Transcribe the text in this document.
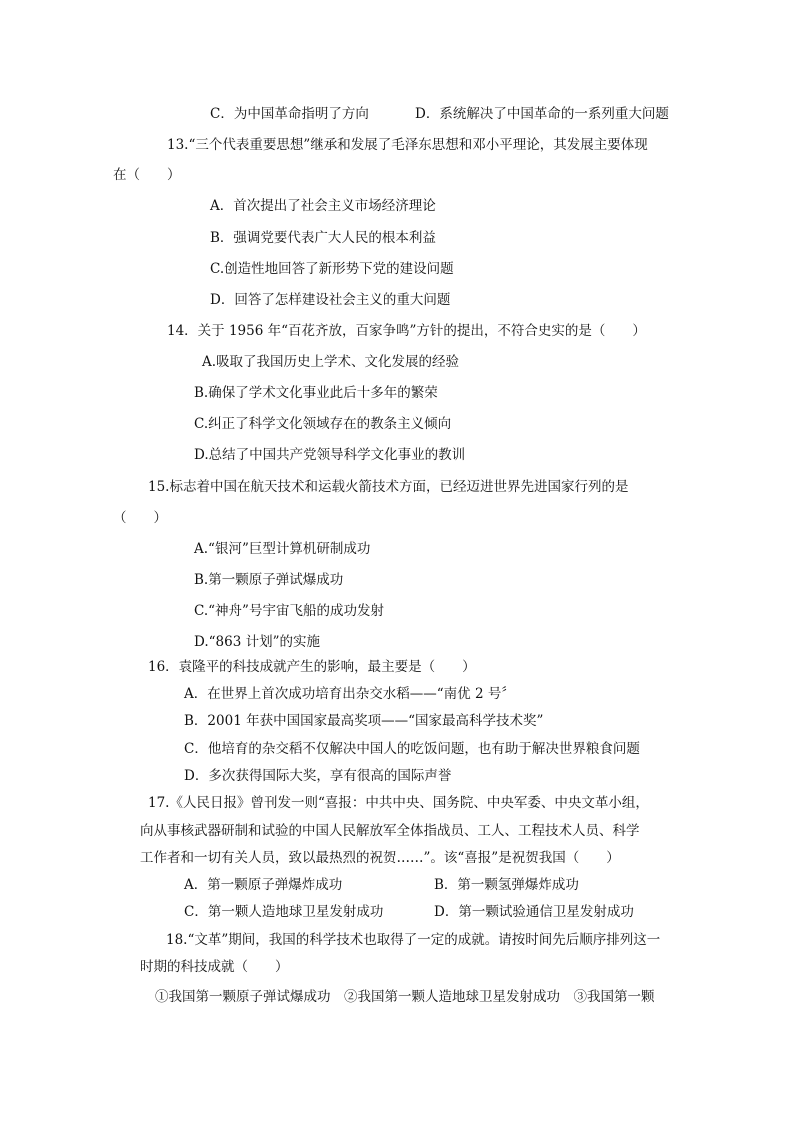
C．为中国革命指明了方向	D．系统解决了中国革命的一系列重大问题
13.“三个代表重要思想”继承和发展了毛泽东思想和邓小平理论，其发展主要体现
在（　　）
A．首次提出了社会主义市场经济理论
B．强调党要代表广大人民的根本利益
C.创造性地回答了新形势下党的建设问题
D．回答了怎样建设社会主义的重大问题
14．关于 1956 年“百花齐放，百家争鸣”方针的提出，不符合史实的是（　　）
A.吸取了我国历史上学术、文化发展的经验
B.确保了学术文化事业此后十多年的繁荣
C.纠正了科学文化领域存在的教条主义倾向
D.总结了中国共产党领导科学文化事业的教训
15.标志着中国在航天技术和运载火箭技术方面，已经迈进世界先进国家行列的是
（　　）
A.“银河”巨型计算机研制成功
B.第一颗原子弹试爆成功
C.“神舟”号宇宙飞船的成功发射
D.“863 计划”的实施
16．袁隆平的科技成就产生的影响，最主要是（　　）
A．在世界上首次成功培育出杂交水稻——“南优 2 号〞
B．2001 年获中国国家最高奖项——“国家最高科学技术奖”
C．他培育的杂交稻不仅解决中国人的吃饭问题，也有助于解决世界粮食问题
D．多次获得国际大奖，享有很高的国际声誉
17.《人民日报》曾刊发一则“喜报：中共中央、国务院、中央军委、中央文革小组，
向从事核武器研制和试验的中国人民解放军全体指战员、工人、工程技术人员、科学
工作者和一切有关人员，致以最热烈的祝贺……”。该“喜报”是祝贺我国（　　）
A．第一颗原子弹爆炸成功	B．第一颗氢弹爆炸成功
C．第一颗人造地球卫星发射成功	D．第一颗试验通信卫星发射成功
18.“文革”期间，我国的科学技术也取得了一定的成就。请按时间先后顺序排列这一
时期的科技成就（　　）
①我国第一颗原子弹试爆成功　②我国第一颗人造地球卫星发射成功　③我国第一颗
